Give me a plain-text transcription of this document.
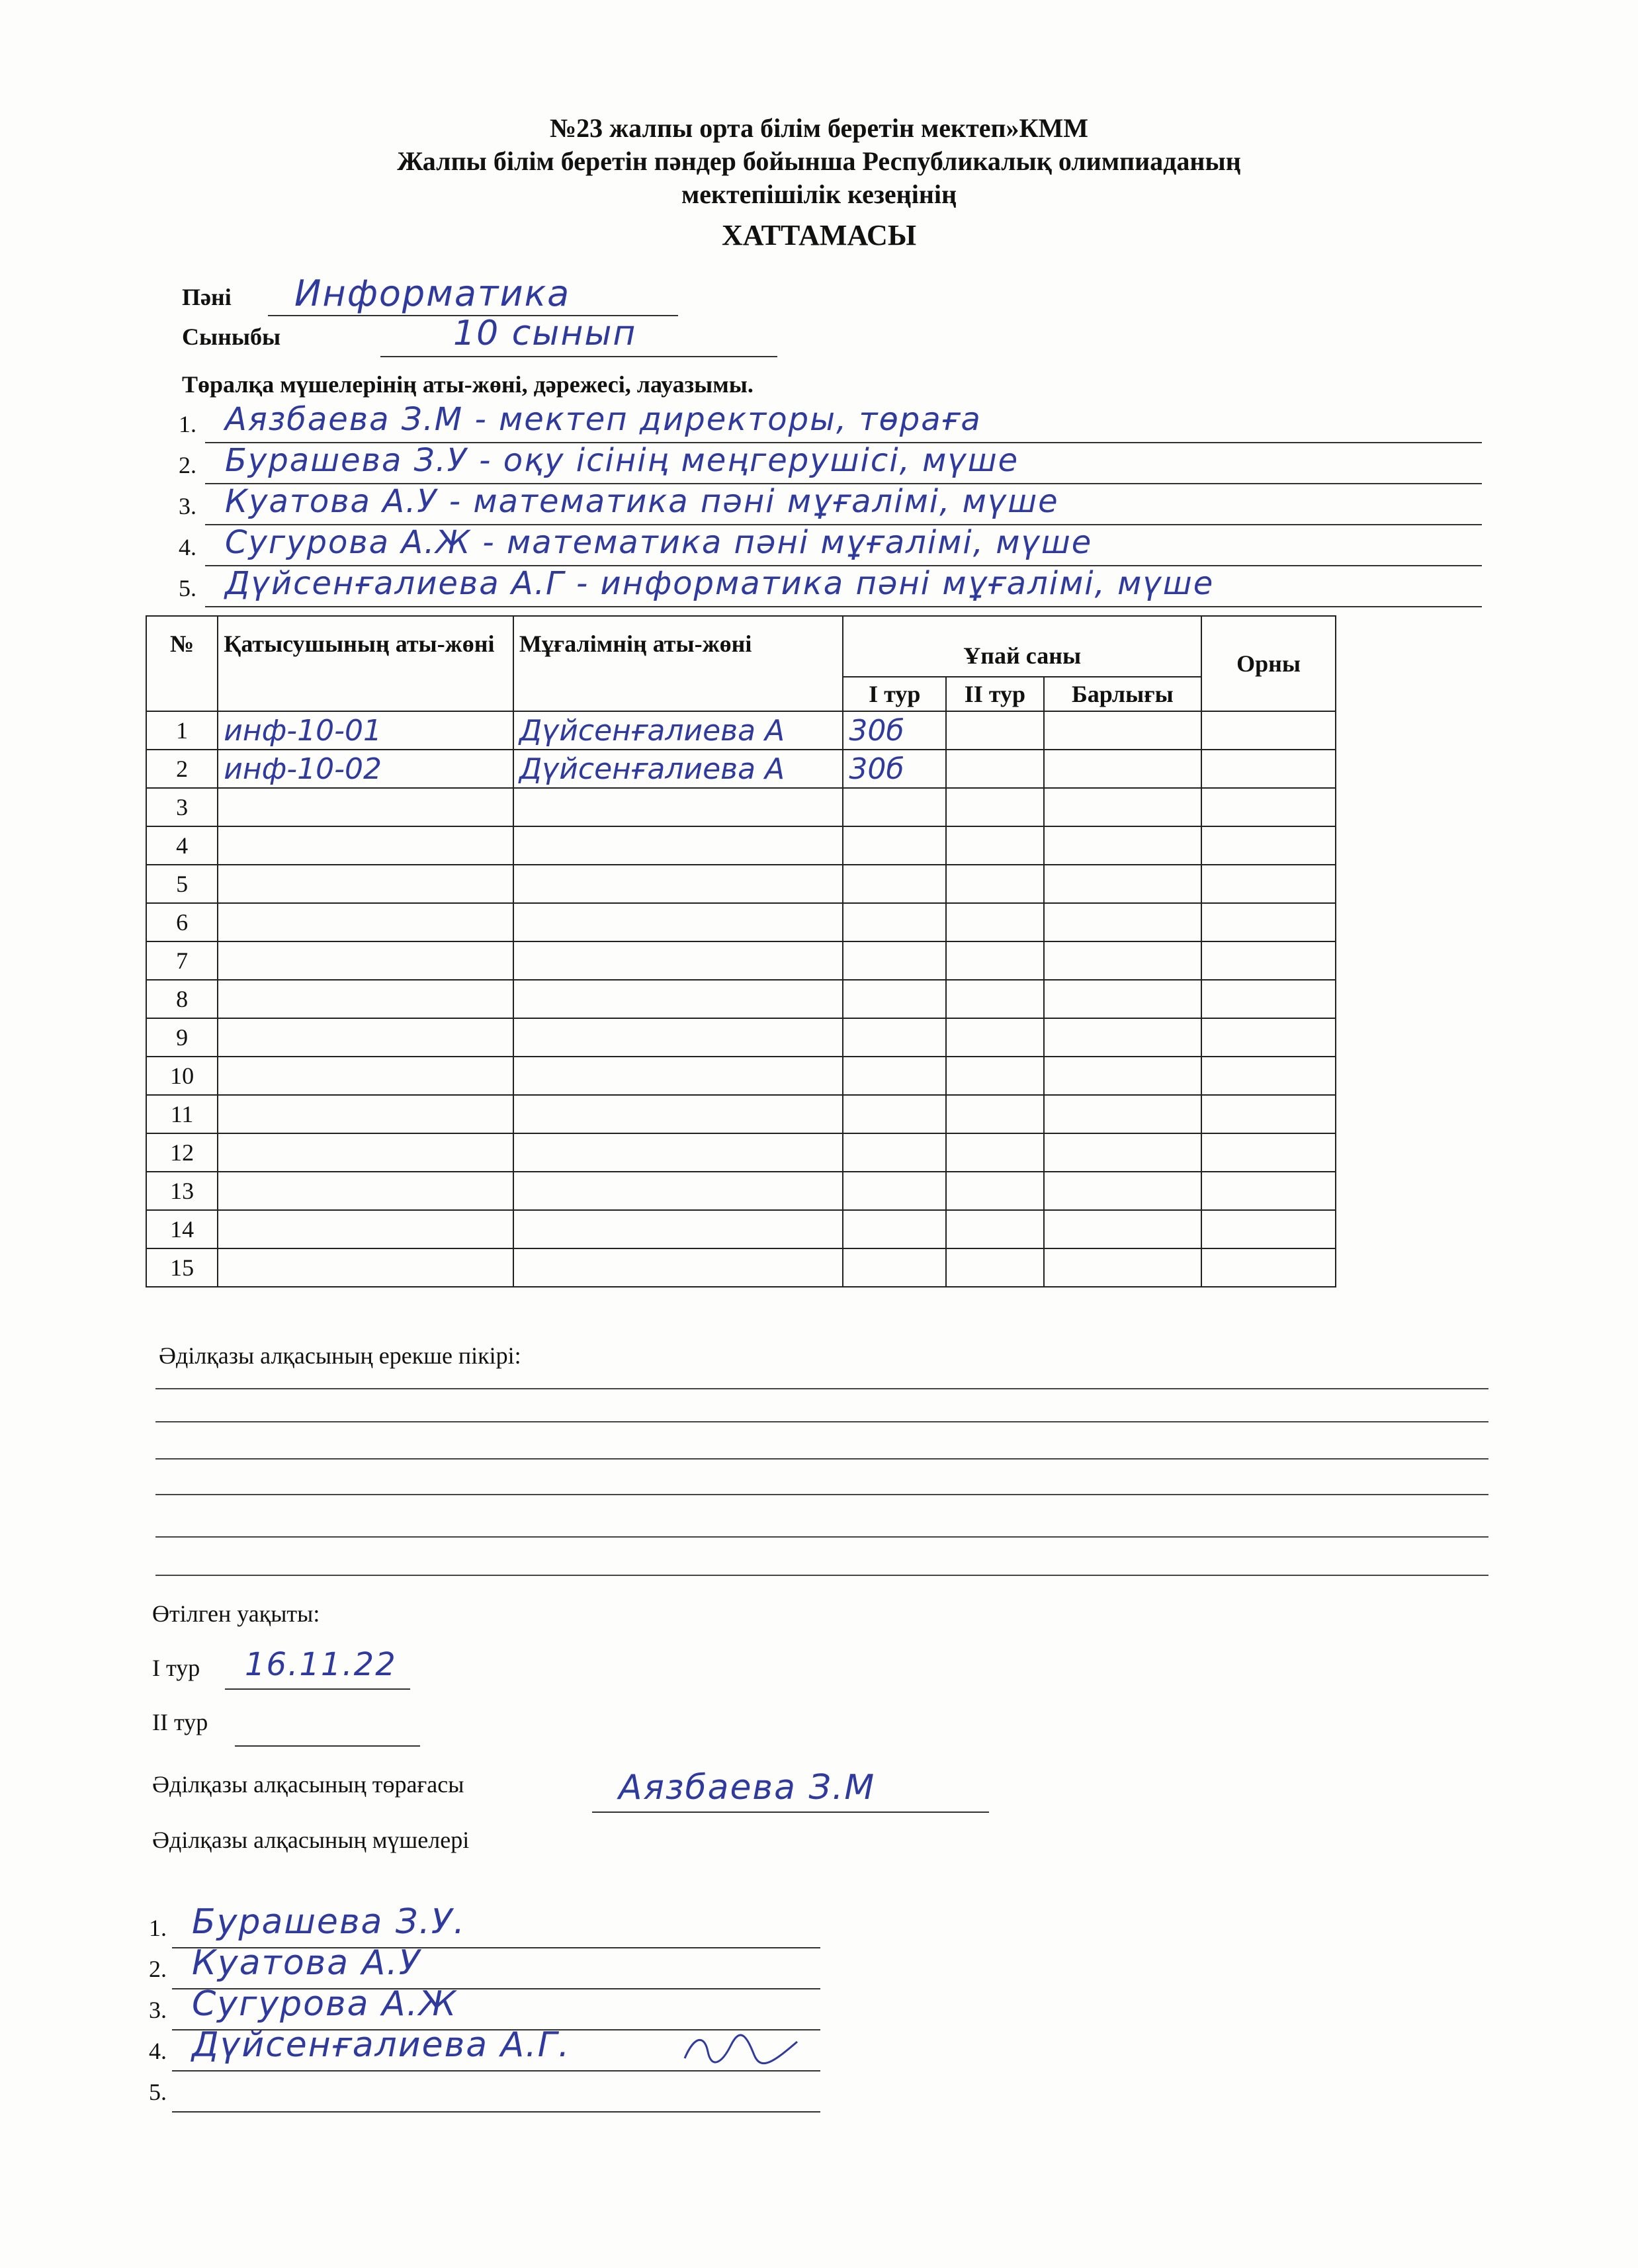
№23 жалпы орта білім беретін мектеп»КММ
Жалпы білім беретін пәндер бойынша Республикалық олимпиаданың
мектепішілік кезеңінің
ХАТТАМАСЫ
Пәні Информатика
Сыныбы	10 сынып
Төралқа мүшелерінің аты-жөні, дәрежесі, лауазымы.
1. Аязбаева З.М - мектеп директоры, төраға
2. Бурашева З.У - оқу ісінің меңгерушісі, мүше
3. Куатова А.У - математика пәні мұғалімі, мүше
4. Сугурова А.Ж - математика пәні мұғалімі, мүше
5. Дүйсенғалиева А.Г - информатика пәні мұғалімі, мүше
№	Қатысушының аты-жөні	Мұғалімнің аты-жөні	Ұпай саны			Орны
			І тур	ІІ тур	Барлығы	
1	инф-10-01	Дүйсенғалиева А	30б			
2	инф-10-02	Дүйсенғалиева А	30б			
3						
4						
5						
6						
7						
8						
9						
10						
11						
12						
13						
14						
15						
Әділқазы алқасының ерекше пікірі:
Өтілген уақыты:
І тур 16.11.22
ІІ тур
Әділқазы алқасының төрағасы	Аязбаева З.М
Әділқазы алқасының мүшелері
1. Бурашева З.У.
2. Куатова А.У
3. Сугурова А.Ж
4. Дүйсенғалиева А.Г.
5.
